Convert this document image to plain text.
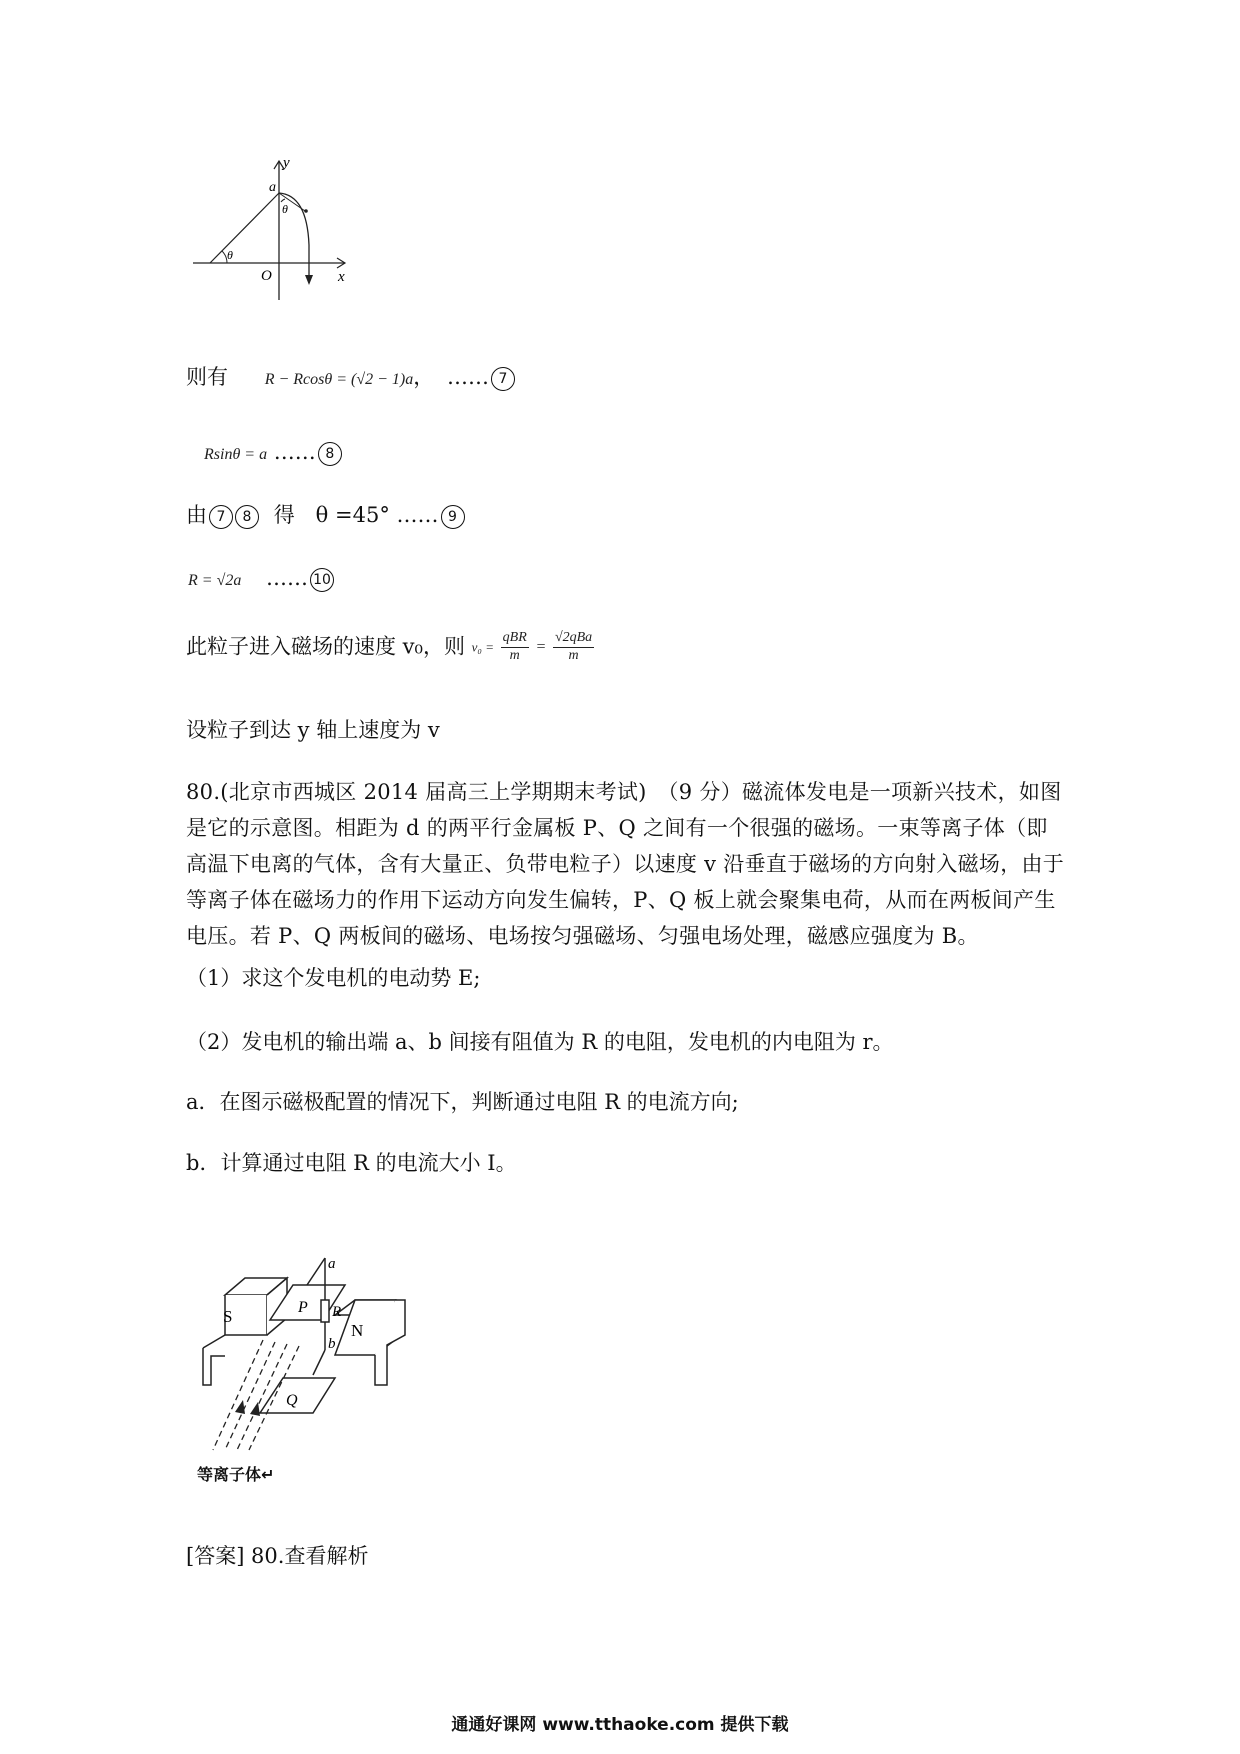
y
x
O
a
θ
θ
则有 R − Rcosθ = (√2 − 1)a， …… 7
Rsinθ = a …… 8
由 7 8 得　θ =45° …… 9
R = √2a …… 10
此粒子进入磁场的速度 v₀，则 $v_0 = \frac{\text{qBR}}{m} = \frac{\text{√2qBa}}{m}$
设粒子到达 y 轴上速度为 v
80.(北京市西城区 2014 届高三上学期期末考试)　（9 分）磁流体发电是一项新兴技术，如图是它的示意图。相距为 d 的两平行金属板 P、Q 之间有一个很强的磁场。一束等离子体（即高温下电离的气体，含有大量正、负带电粒子）以速度 v 沿垂直于磁场的方向射入磁场，由于等离子体在磁场力的作用下运动方向发生偏转，P、Q 板上就会聚集电荷，从而在两板间产生电压。若 P、Q 两板间的磁场、电场按匀强磁场、匀强电场处理，磁感应强度为 B。
（1）求这个发电机的电动势 E;
（2）发电机的输出端 a、b 间接有阻值为 R 的电阻，发电机的内电阻为 r。
a．在图示磁极配置的情况下，判断通过电阻 R 的电流方向;
b．计算通过电阻 R 的电流大小 I。
S
N
P
Q
a
R
b
等离子体↵
[答案] 80.查看解析
通通好课网 www.tthaoke.com 提供下载
